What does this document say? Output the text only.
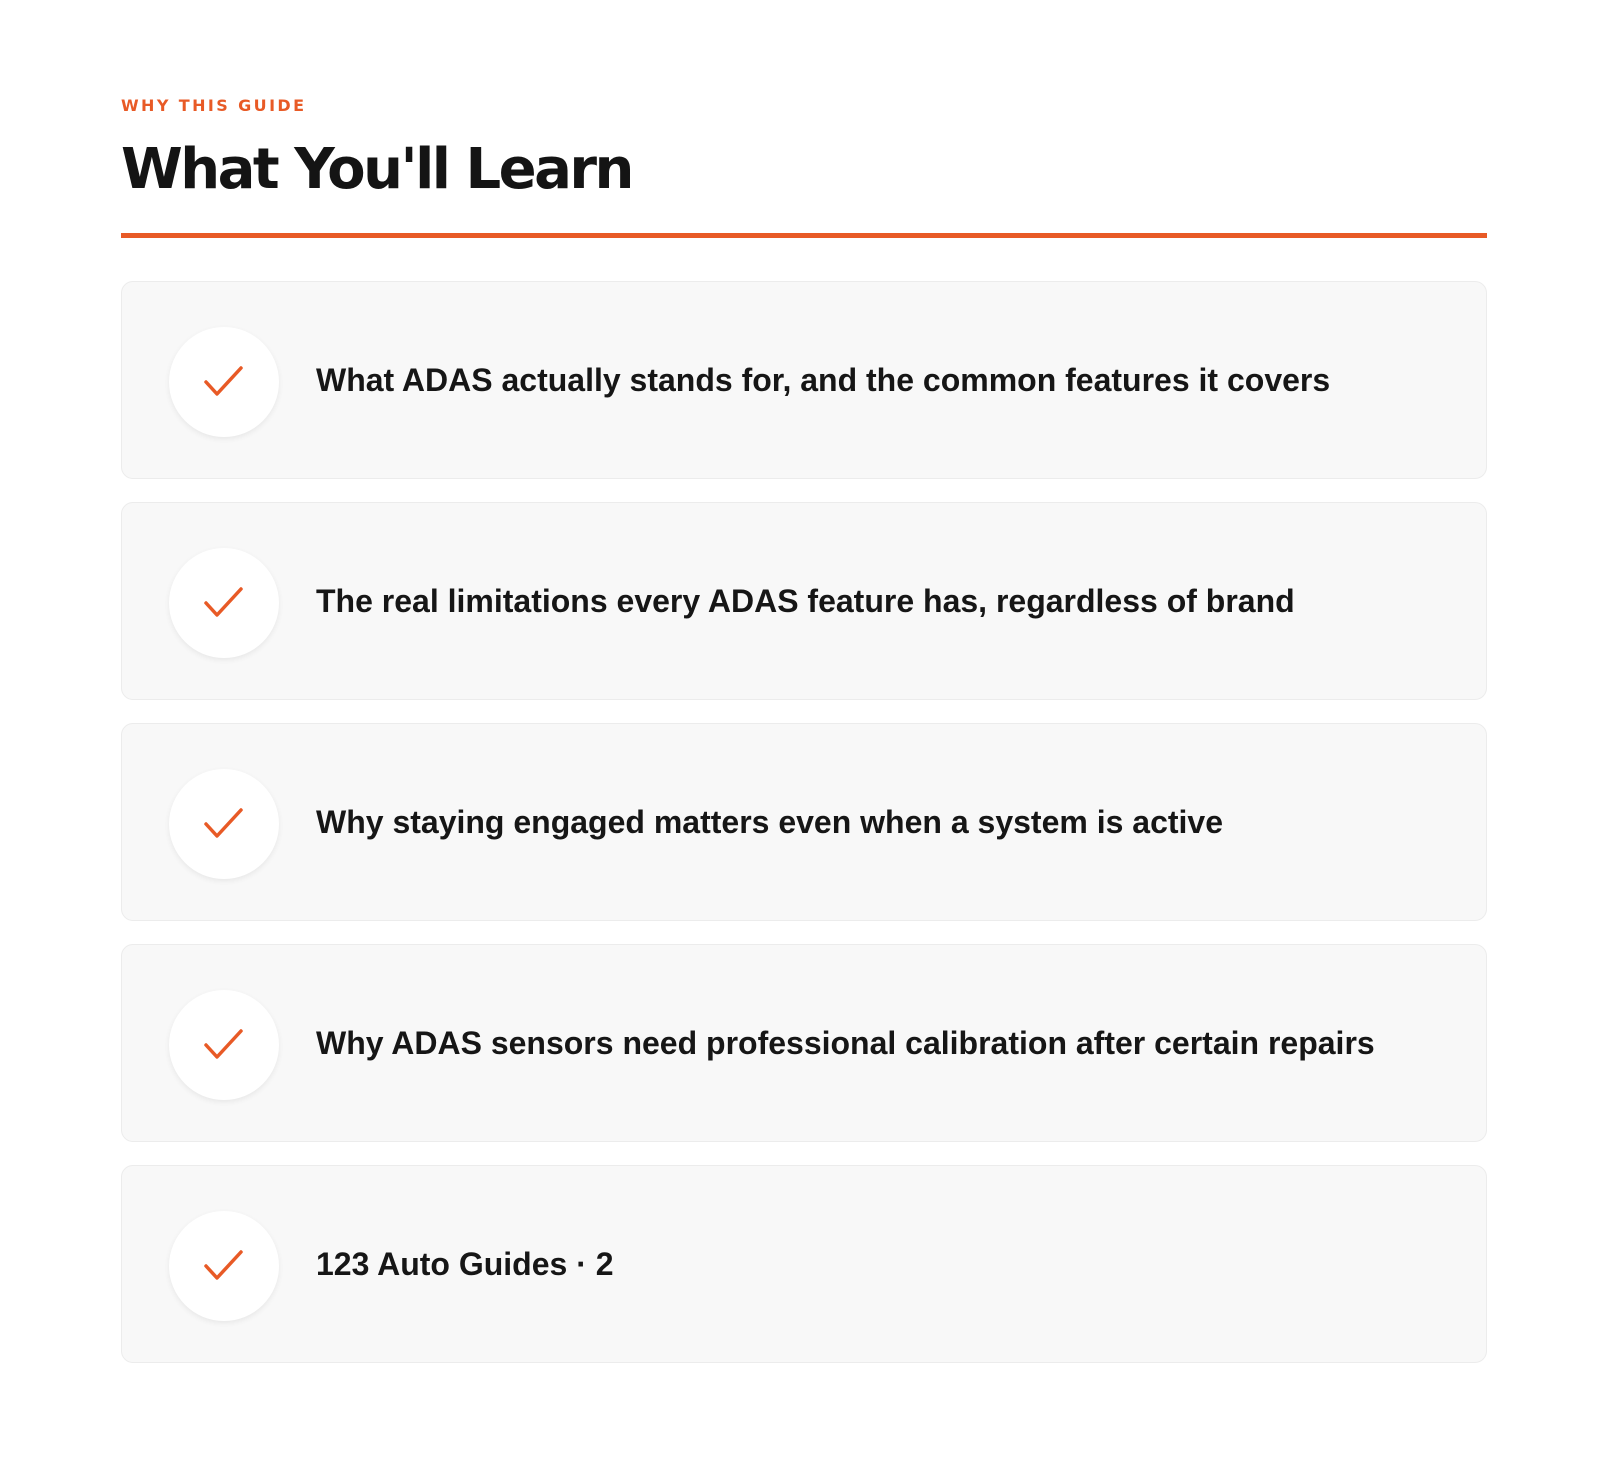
WHY THIS GUIDE
What You'll Learn
What ADAS actually stands for, and the common features it covers
The real limitations every ADAS feature has, regardless of brand
Why staying engaged matters even when a system is active
Why ADAS sensors need professional calibration after certain repairs
123 Auto Guides · 2
